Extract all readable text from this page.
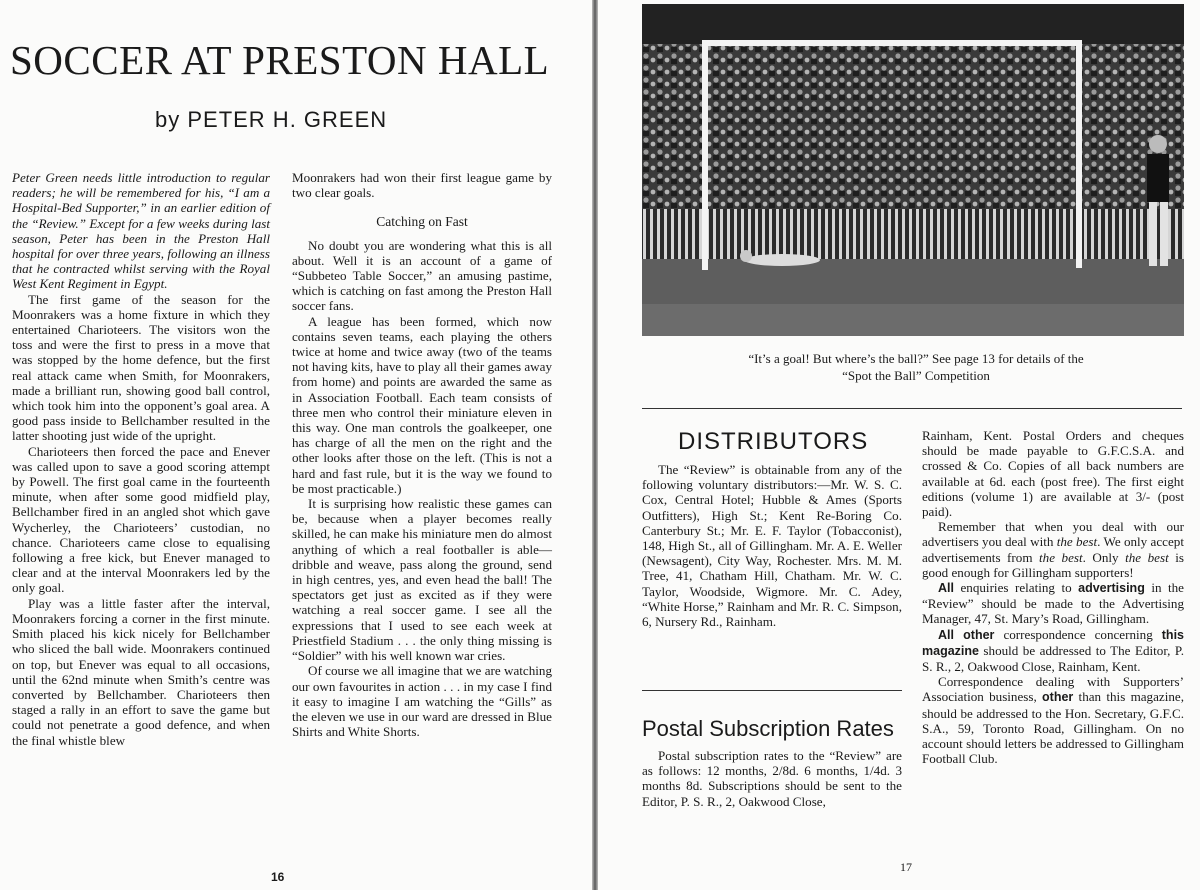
SOCCER AT PRESTON HALL
by PETER H. GREEN

Peter Green needs little introduction to regular readers; he will be remembered for his, “I am a Hospital-Bed Supporter,” in an earlier edition of the “Review.” Except for a few weeks during last season, Peter has been in the Preston Hall hospital for over three years, following an illness that he contracted whilst serving with the Royal West Kent Regiment in Egypt.

The first game of the season for the Moonrakers was a home fixture in which they entertained Charioteers. The visitors won the toss and were the first to press in a move that was stopped by the home defence, but the first real attack came when Smith, for Moonrakers, made a brilliant run, showing good ball control, which took him into the opponent’s goal area. A good pass inside to Bellchamber resulted in the latter shooting just wide of the upright.

Charioteers then forced the pace and Enever was called upon to save a good scoring attempt by Powell. The first goal came in the fourteenth minute, when after some good midfield play, Bellchamber fired in an angled shot which gave Wycherley, the Charioteers’ custodian, no chance. Charioteers came close to equalising following a free kick, but Enever managed to clear and at the interval Moonrakers led by the only goal.

Play was a little faster after the interval, Moonrakers forcing a corner in the first minute. Smith placed his kick nicely for Bellchamber who sliced the ball wide. Moonrakers continued on top, but Enever was equal to all occasions, until the 62nd minute when Smith’s centre was converted by Bellchamber. Charioteers then staged a rally in an effort to save the game but could not penetrate a good defence, and when the final whistle blew

Moonrakers had won their first league game by two clear goals.

Catching on Fast

No doubt you are wondering what this is all about. Well it is an account of a game of “Subbeteo Table Soccer,” an amusing pastime, which is catching on fast among the Preston Hall soccer fans.

A league has been formed, which now contains seven teams, each playing the others twice at home and twice away (two of the teams not having kits, have to play all their games away from home) and points are awarded the same as in Association Football. Each team consists of three men who control their miniature eleven in this way. One man controls the goalkeeper, one has charge of all the men on the right and the other looks after those on the left. (This is not a hard and fast rule, but it is the way we found to be most practicable.)

It is surprising how realistic these games can be, because when a player becomes really skilled, he can make his miniature men do almost anything of which a real footballer is able—dribble and weave, pass along the ground, send in high centres, yes, and even head the ball! The spectators get just as excited as if they were watching a real soccer game. I see all the expressions that I used to see each week at Priestfield Stadium . . . the only thing missing is “Soldier” with his well known war cries.

Of course we all imagine that we are watching our own favourites in action . . . in my case I find it easy to imagine I am watching the “Gills” as the eleven we use in our ward are dressed in Blue Shirts and White Shorts.

16
“It’s a goal! But where’s the ball?” See page 13 for details of the
“Spot the Ball” Competition
DISTRIBUTORS

The “Review” is obtainable from any of the following voluntary distributors:—Mr. W. S. C. Cox, Central Hotel; Hubble & Ames (Sports Outfitters), High St.; Kent Re-Boring Co. Canterbury St.; Mr. E. F. Taylor (Tobacconist), 148, High St., all of Gillingham. Mr. A. E. Weller (Newsagent), City Way, Rochester. Mrs. M. M. Tree, 41, Chatham Hill, Chatham. Mr. W. C. Taylor, Woodside, Wigmore. Mr. C. Adey, “White Horse,” Rainham and Mr. R. C. Simpson, 6, Nursery Rd., Rainham.

Postal Subscription Rates

Postal subscription rates to the “Review” are as follows: 12 months, 2/8d. 6 months, 1/4d. 3 months 8d. Subscriptions should be sent to the Editor, P. S. R., 2, Oakwood Close,

Rainham, Kent. Postal Orders and cheques should be made payable to G.F.C.S.A. and crossed & Co. Copies of all back numbers are available at 6d. each (post free). The first eight editions (volume 1) are available at 3/- (post paid).

Remember that when you deal with our advertisers you deal with the best. We only accept advertisements from the best. Only the best is good enough for Gillingham supporters!

All enquiries relating to advertising in the “Review” should be made to the Advertising Manager, 47, St. Mary’s Road, Gillingham.

All other correspondence concerning this magazine should be addressed to The Editor, P. S. R., 2, Oakwood Close, Rainham, Kent.

Correspondence dealing with Supporters’ Association business, other than this magazine, should be addressed to the Hon. Secretary, G.F.C. S.A., 59, Toronto Road, Gillingham. On no account should letters be addressed to Gillingham Football Club.

17
